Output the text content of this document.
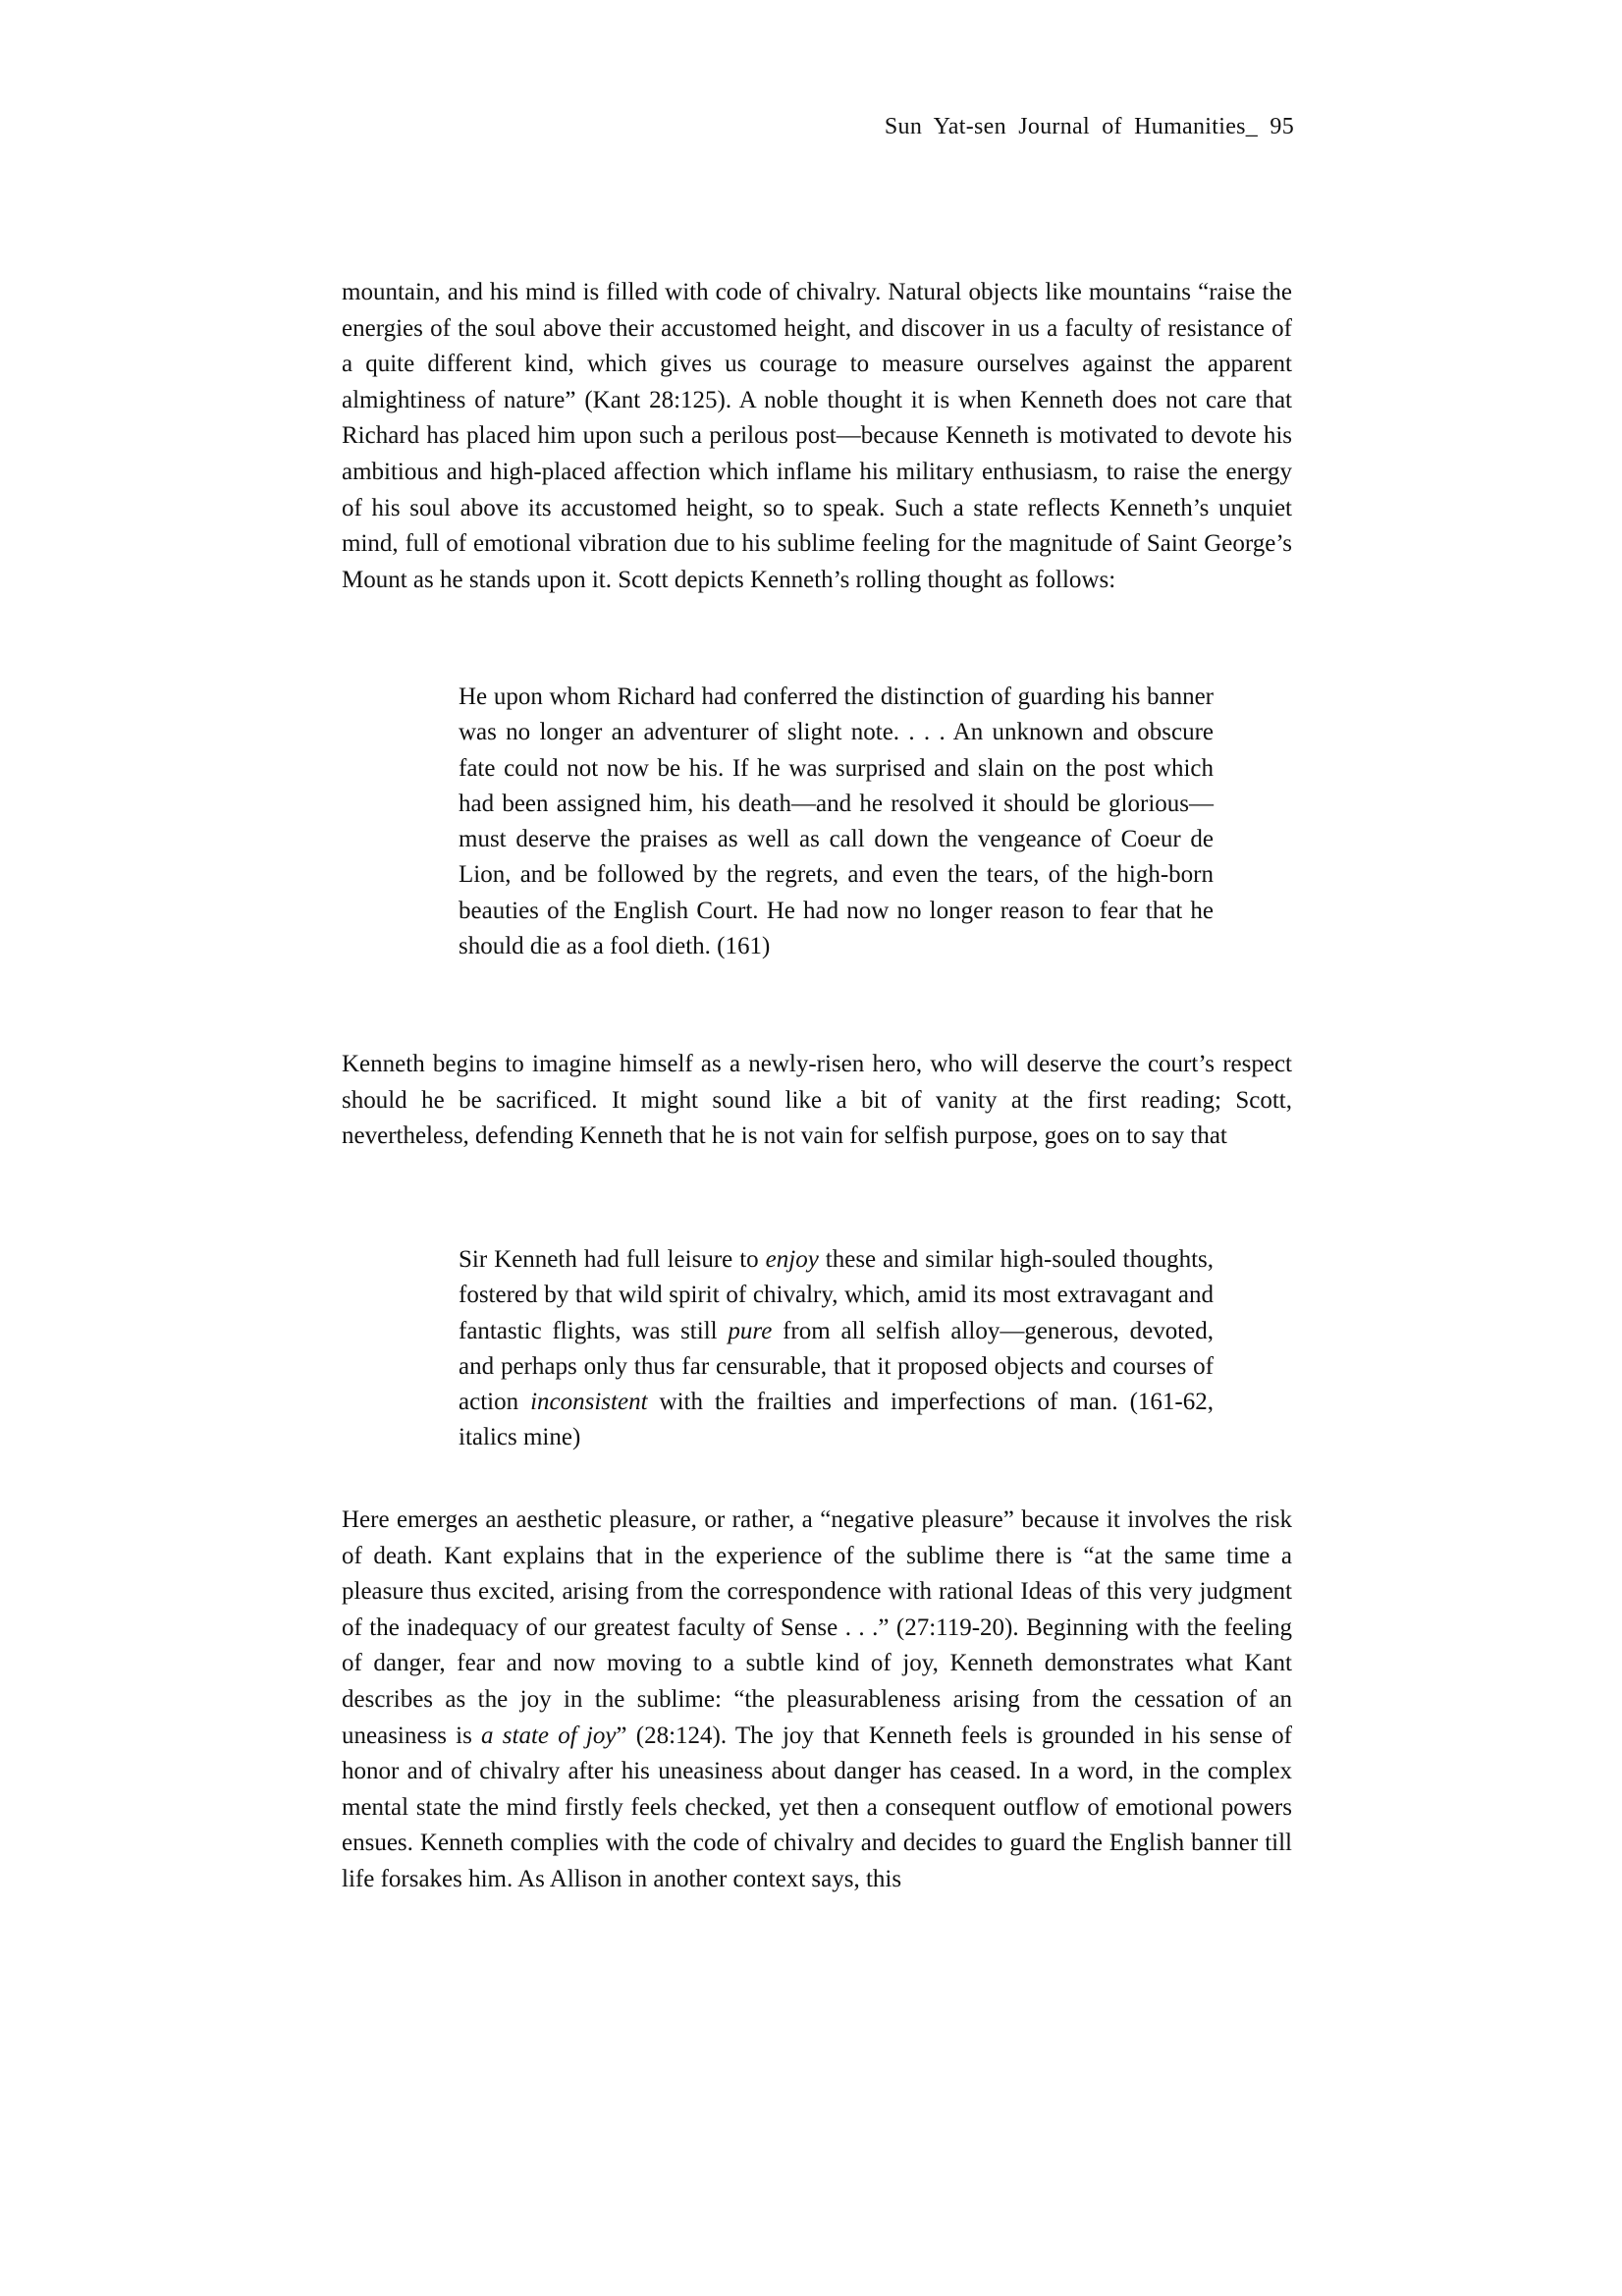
Sun Yat-sen Journal of Humanities_ 95

mountain, and his mind is filled with code of chivalry. Natural objects like mountains “raise the energies of the soul above their accustomed height, and discover in us a faculty of resistance of a quite different kind, which gives us courage to measure ourselves against the apparent almightiness of nature” (Kant 28:125). A noble thought it is when Kenneth does not care that Richard has placed him upon such a perilous post—because Kenneth is motivated to devote his ambitious and high-placed affection which inflame his military enthusiasm, to raise the energy of his soul above its accustomed height, so to speak. Such a state reflects Kenneth’s unquiet mind, full of emotional vibration due to his sublime feeling for the magnitude of Saint George’s Mount as he stands upon it. Scott depicts Kenneth’s rolling thought as follows:

He upon whom Richard had conferred the distinction of guarding his banner was no longer an adventurer of slight note. . . . An unknown and obscure fate could not now be his. If he was surprised and slain on the post which had been assigned him, his death—and he resolved it should be glorious—must deserve the praises as well as call down the vengeance of Coeur de Lion, and be followed by the regrets, and even the tears, of the high-born beauties of the English Court. He had now no longer reason to fear that he should die as a fool dieth. (161)

Kenneth begins to imagine himself as a newly-risen hero, who will deserve the court’s respect should he be sacrificed. It might sound like a bit of vanity at the first reading; Scott, nevertheless, defending Kenneth that he is not vain for selfish purpose, goes on to say that

Sir Kenneth had full leisure to enjoy these and similar high-souled thoughts, fostered by that wild spirit of chivalry, which, amid its most extravagant and fantastic flights, was still pure from all selfish alloy—generous, devoted, and perhaps only thus far censurable, that it proposed objects and courses of action inconsistent with the frailties and imperfections of man. (161-62, italics mine)

Here emerges an aesthetic pleasure, or rather, a “negative pleasure” because it involves the risk of death. Kant explains that in the experience of the sublime there is “at the same time a pleasure thus excited, arising from the correspondence with rational Ideas of this very judgment of the inadequacy of our greatest faculty of Sense . . .” (27:119-20). Beginning with the feeling of danger, fear and now moving to a subtle kind of joy, Kenneth demonstrates what Kant describes as the joy in the sublime: “the pleasurableness arising from the cessation of an uneasiness is a state of joy” (28:124). The joy that Kenneth feels is grounded in his sense of honor and of chivalry after his uneasiness about danger has ceased. In a word, in the complex mental state the mind firstly feels checked, yet then a consequent outflow of emotional powers ensues. Kenneth complies with the code of chivalry and decides to guard the English banner till life forsakes him. As Allison in another context says, this
